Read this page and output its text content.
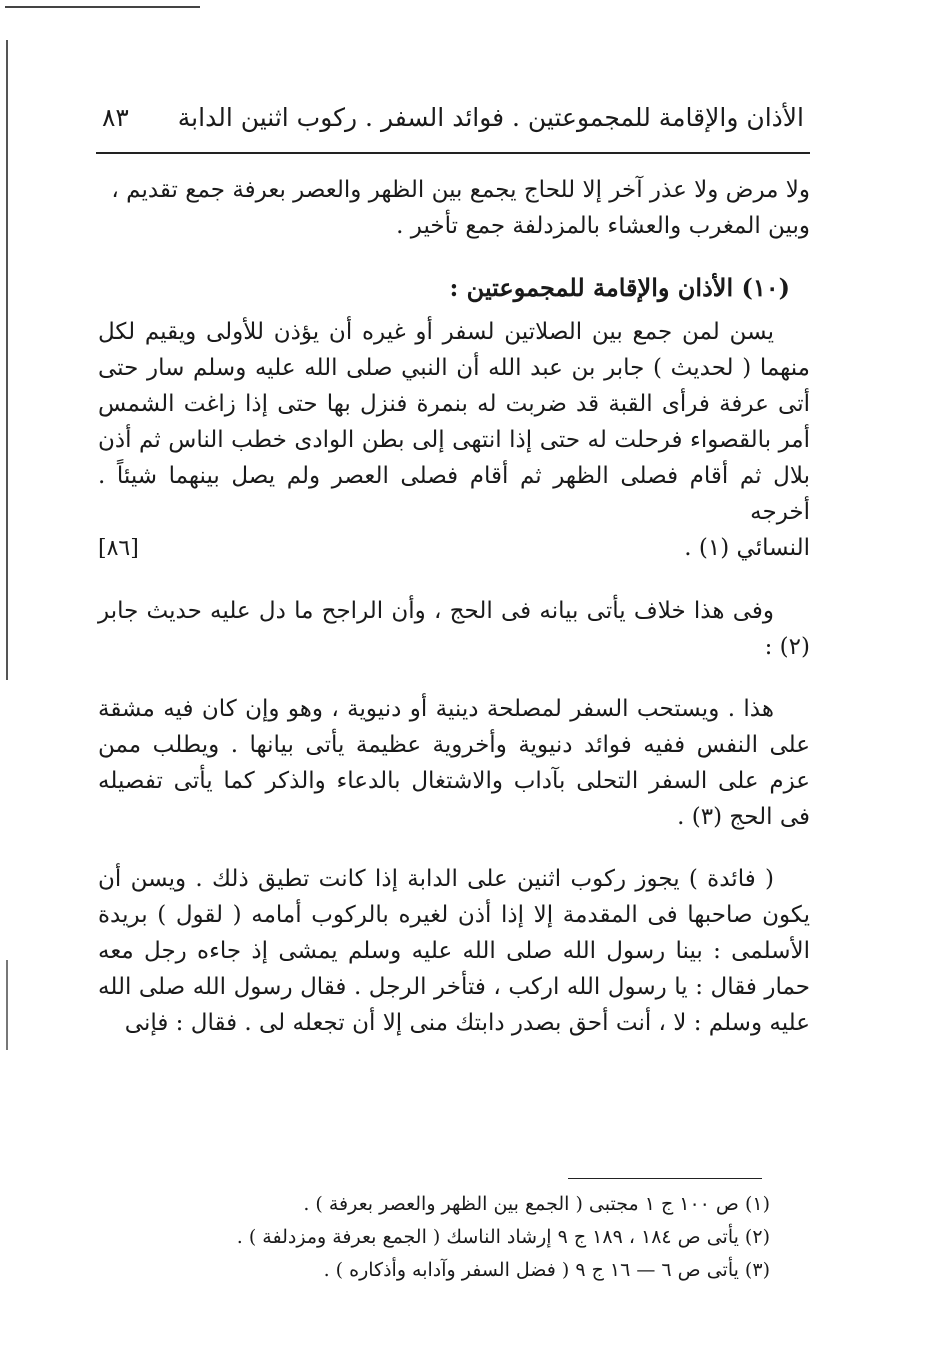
الأذان والإقامة للمجموعتين . فوائد السفر . ركوب اثنين الدابة
٨٣

ولا مرض ولا عذر آخر إلا للحاج يجمع بين الظهر والعصر بعرفة جمع تقديم ،

وبين المغرب والعشاء بالمزدلفة جمع تأخير .

(١٠) الأذان والإقامة للمجموعتين :

يسن لمن جمع بين الصلاتين لسفر أو غيره أن يؤذن للأولى ويقيم لكل منهما ( لحديث ) جابر بن عبد الله أن النبي صلى الله عليه وسلم سار حتى أتى عرفة فرأى القبة قد ضربت له بنمرة فنزل بها حتى إذا زاغت الشمس أمر بالقصواء فرحلت له حتى إذا انتهى إلى بطن الوادى خطب الناس ثم أذن بلال ثم أقام فصلى الظهر ثم أقام فصلى العصر ولم يصل بينهما شيئاً . أخرجه

النسائي (١) .
[٨٦]

وفى هذا خلاف يأتى بيانه فى الحج ، وأن الراجح ما دل عليه حديث جابر (٢) :

هذا . ويستحب السفر لمصلحة دينية أو دنيوية ، وهو وإن كان فيه مشقة على النفس ففيه فوائد دنيوية وأخروية عظيمة يأتى بيانها . ويطلب ممن عزم على السفر التحلى بآداب والاشتغال بالدعاء والذكر كما يأتى تفصيله فى الحج (٣) .

( فائدة ) يجوز ركوب اثنين على الدابة إذا كانت تطيق ذلك . ويسن أن يكون صاحبها فى المقدمة إلا إذا أذن لغيره بالركوب أمامه ( لقول ) بريدة الأسلمى : بينا رسول الله صلى الله عليه وسلم يمشى إذ جاءه رجل معه حمار فقال : يا رسول الله اركب ، فتأخر الرجل . فقال رسول الله صلى الله عليه وسلم : لا ، أنت أحق بصدر دابتك منى إلا أن تجعله لى . فقال : فإنى

(١) ص ١٠٠ ج ١ مجتبى ( الجمع بين الظهر والعصر بعرفة ) .
(٢) يأتى ص ١٨٤ ، ١٨٩ ج ٩ إرشاد الناسك ( الجمع بعرفة ومزدلفة ) .
(٣) يأتى ص ٦ — ١٦ ج ٩ ( فضل السفر وآدابه وأذكاره ) .
